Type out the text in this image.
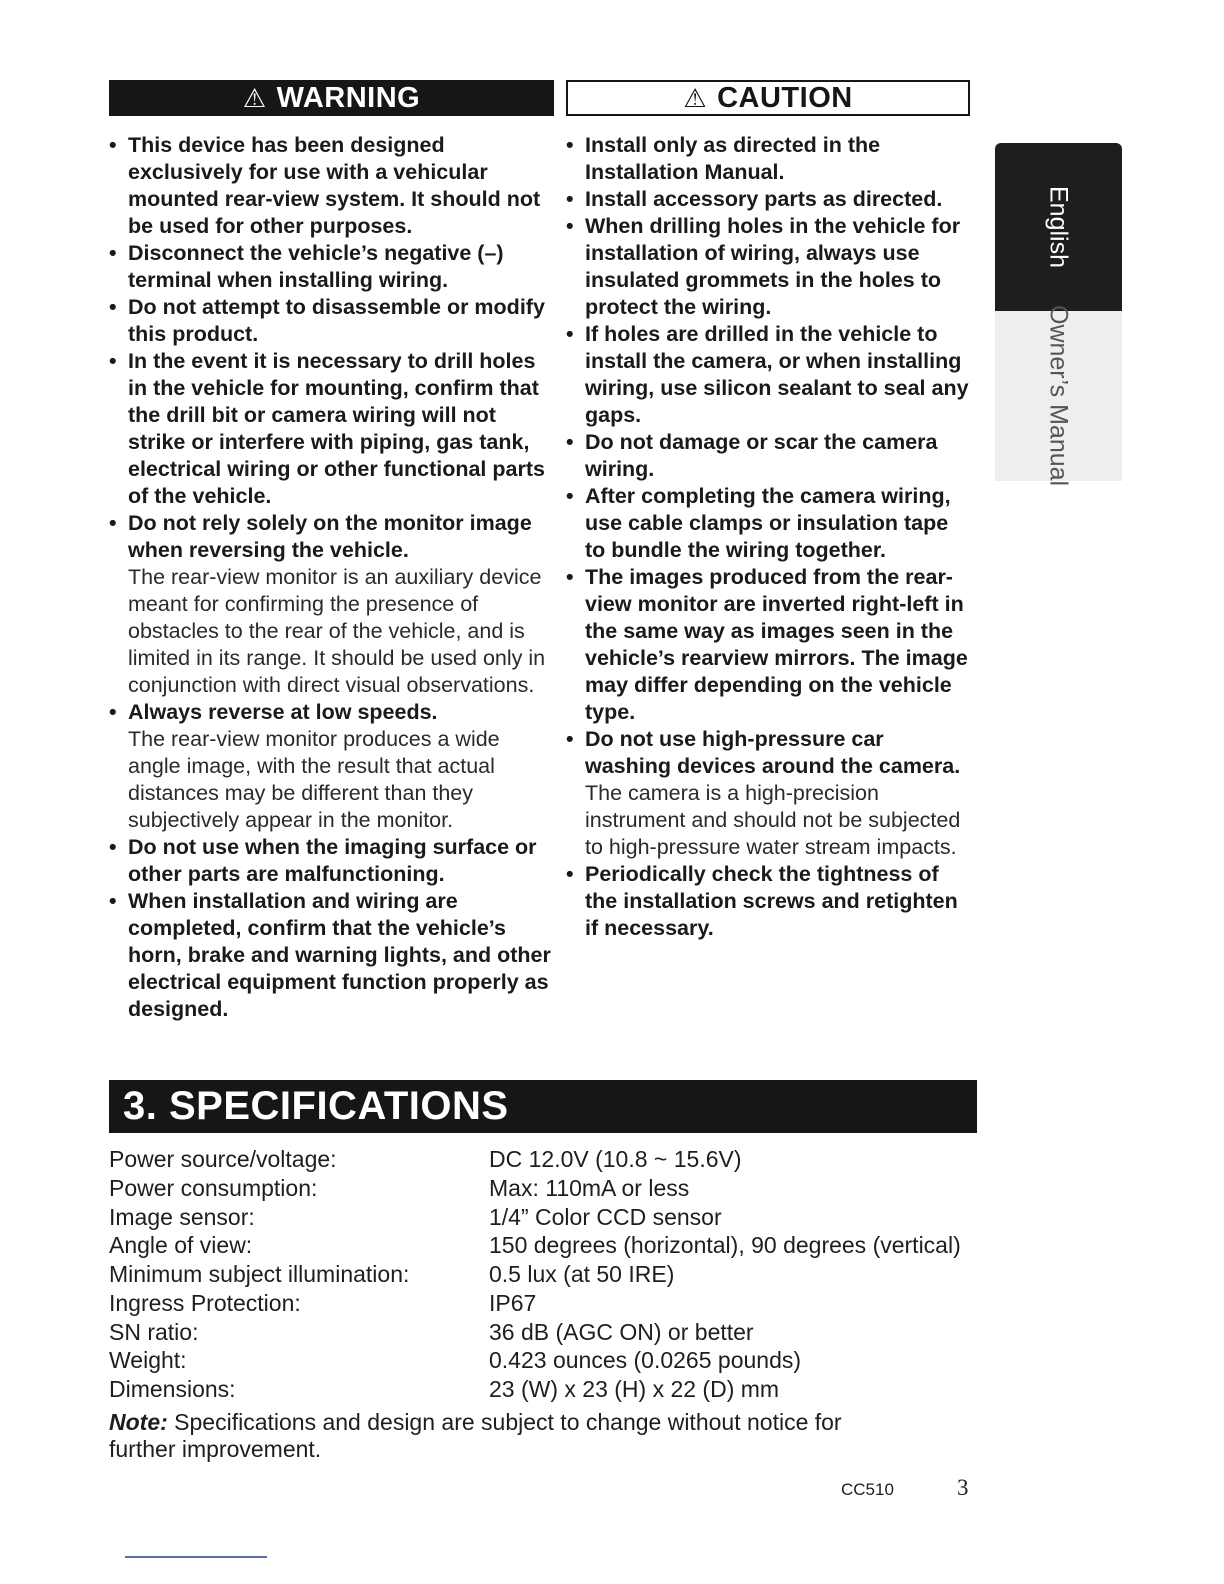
⚠ WARNING
• This device has been designed exclusively for use with a vehicular mounted rear-view system. It should not be used for other purposes.
• Disconnect the vehicle’s negative (–) terminal when installing wiring.
• Do not attempt to disassemble or modify this product.
• In the event it is necessary to drill holes in the vehicle for mounting, confirm that the drill bit or camera wiring will not strike or interfere with piping, gas tank, electrical wiring or other functional parts of the vehicle.
• Do not rely solely on the monitor image when reversing the vehicle.
The rear-view monitor is an auxiliary device meant for confirming the presence of obstacles to the rear of the vehicle, and is limited in its range. It should be used only in conjunction with direct visual observations.
• Always reverse at low speeds.
The rear-view monitor produces a wide angle image, with the result that actual distances may be different than they subjectively appear in the monitor.
• Do not use when the imaging surface or other parts are malfunctioning.
• When installation and wiring are completed, confirm that the vehicle’s horn, brake and warning lights, and other electrical equipment function properly as designed.
⚠ CAUTION
• Install only as directed in the Installation Manual.
• Install accessory parts as directed.
• When drilling holes in the vehicle for installation of wiring, always use insulated grommets in the holes to protect the wiring.
• If holes are drilled in the vehicle to install the camera, or when installing wiring, use silicon sealant to seal any gaps.
• Do not damage or scar the camera wiring.
• After completing the camera wiring, use cable clamps or insulation tape to bundle the wiring together.
• The images produced from the rear-view monitor are inverted right-left in the same way as images seen in the vehicle’s rearview mirrors. The image may differ depending on the vehicle type.
• Do not use high-pressure car washing devices around the camera.
The camera is a high-precision instrument and should not be subjected to high-pressure water stream impacts.
• Periodically check the tightness of the installation screws and retighten if necessary.
English
Owner’s Manual
3. SPECIFICATIONS
Power source/voltage:	DC 12.0V (10.8 ~ 15.6V)
Power consumption:	Max: 110mA or less
Image sensor:	1/4” Color CCD sensor
Angle of view:	150 degrees (horizontal), 90 degrees (vertical)
Minimum subject illumination:	0.5 lux (at 50 IRE)
Ingress Protection:	IP67
SN ratio:	36 dB (AGC ON) or better
Weight:	0.423 ounces (0.0265 pounds)
Dimensions:	23 (W) x 23 (H) x 22 (D) mm
Note: Specifications and design are subject to change without notice for further improvement.
CC510	3
